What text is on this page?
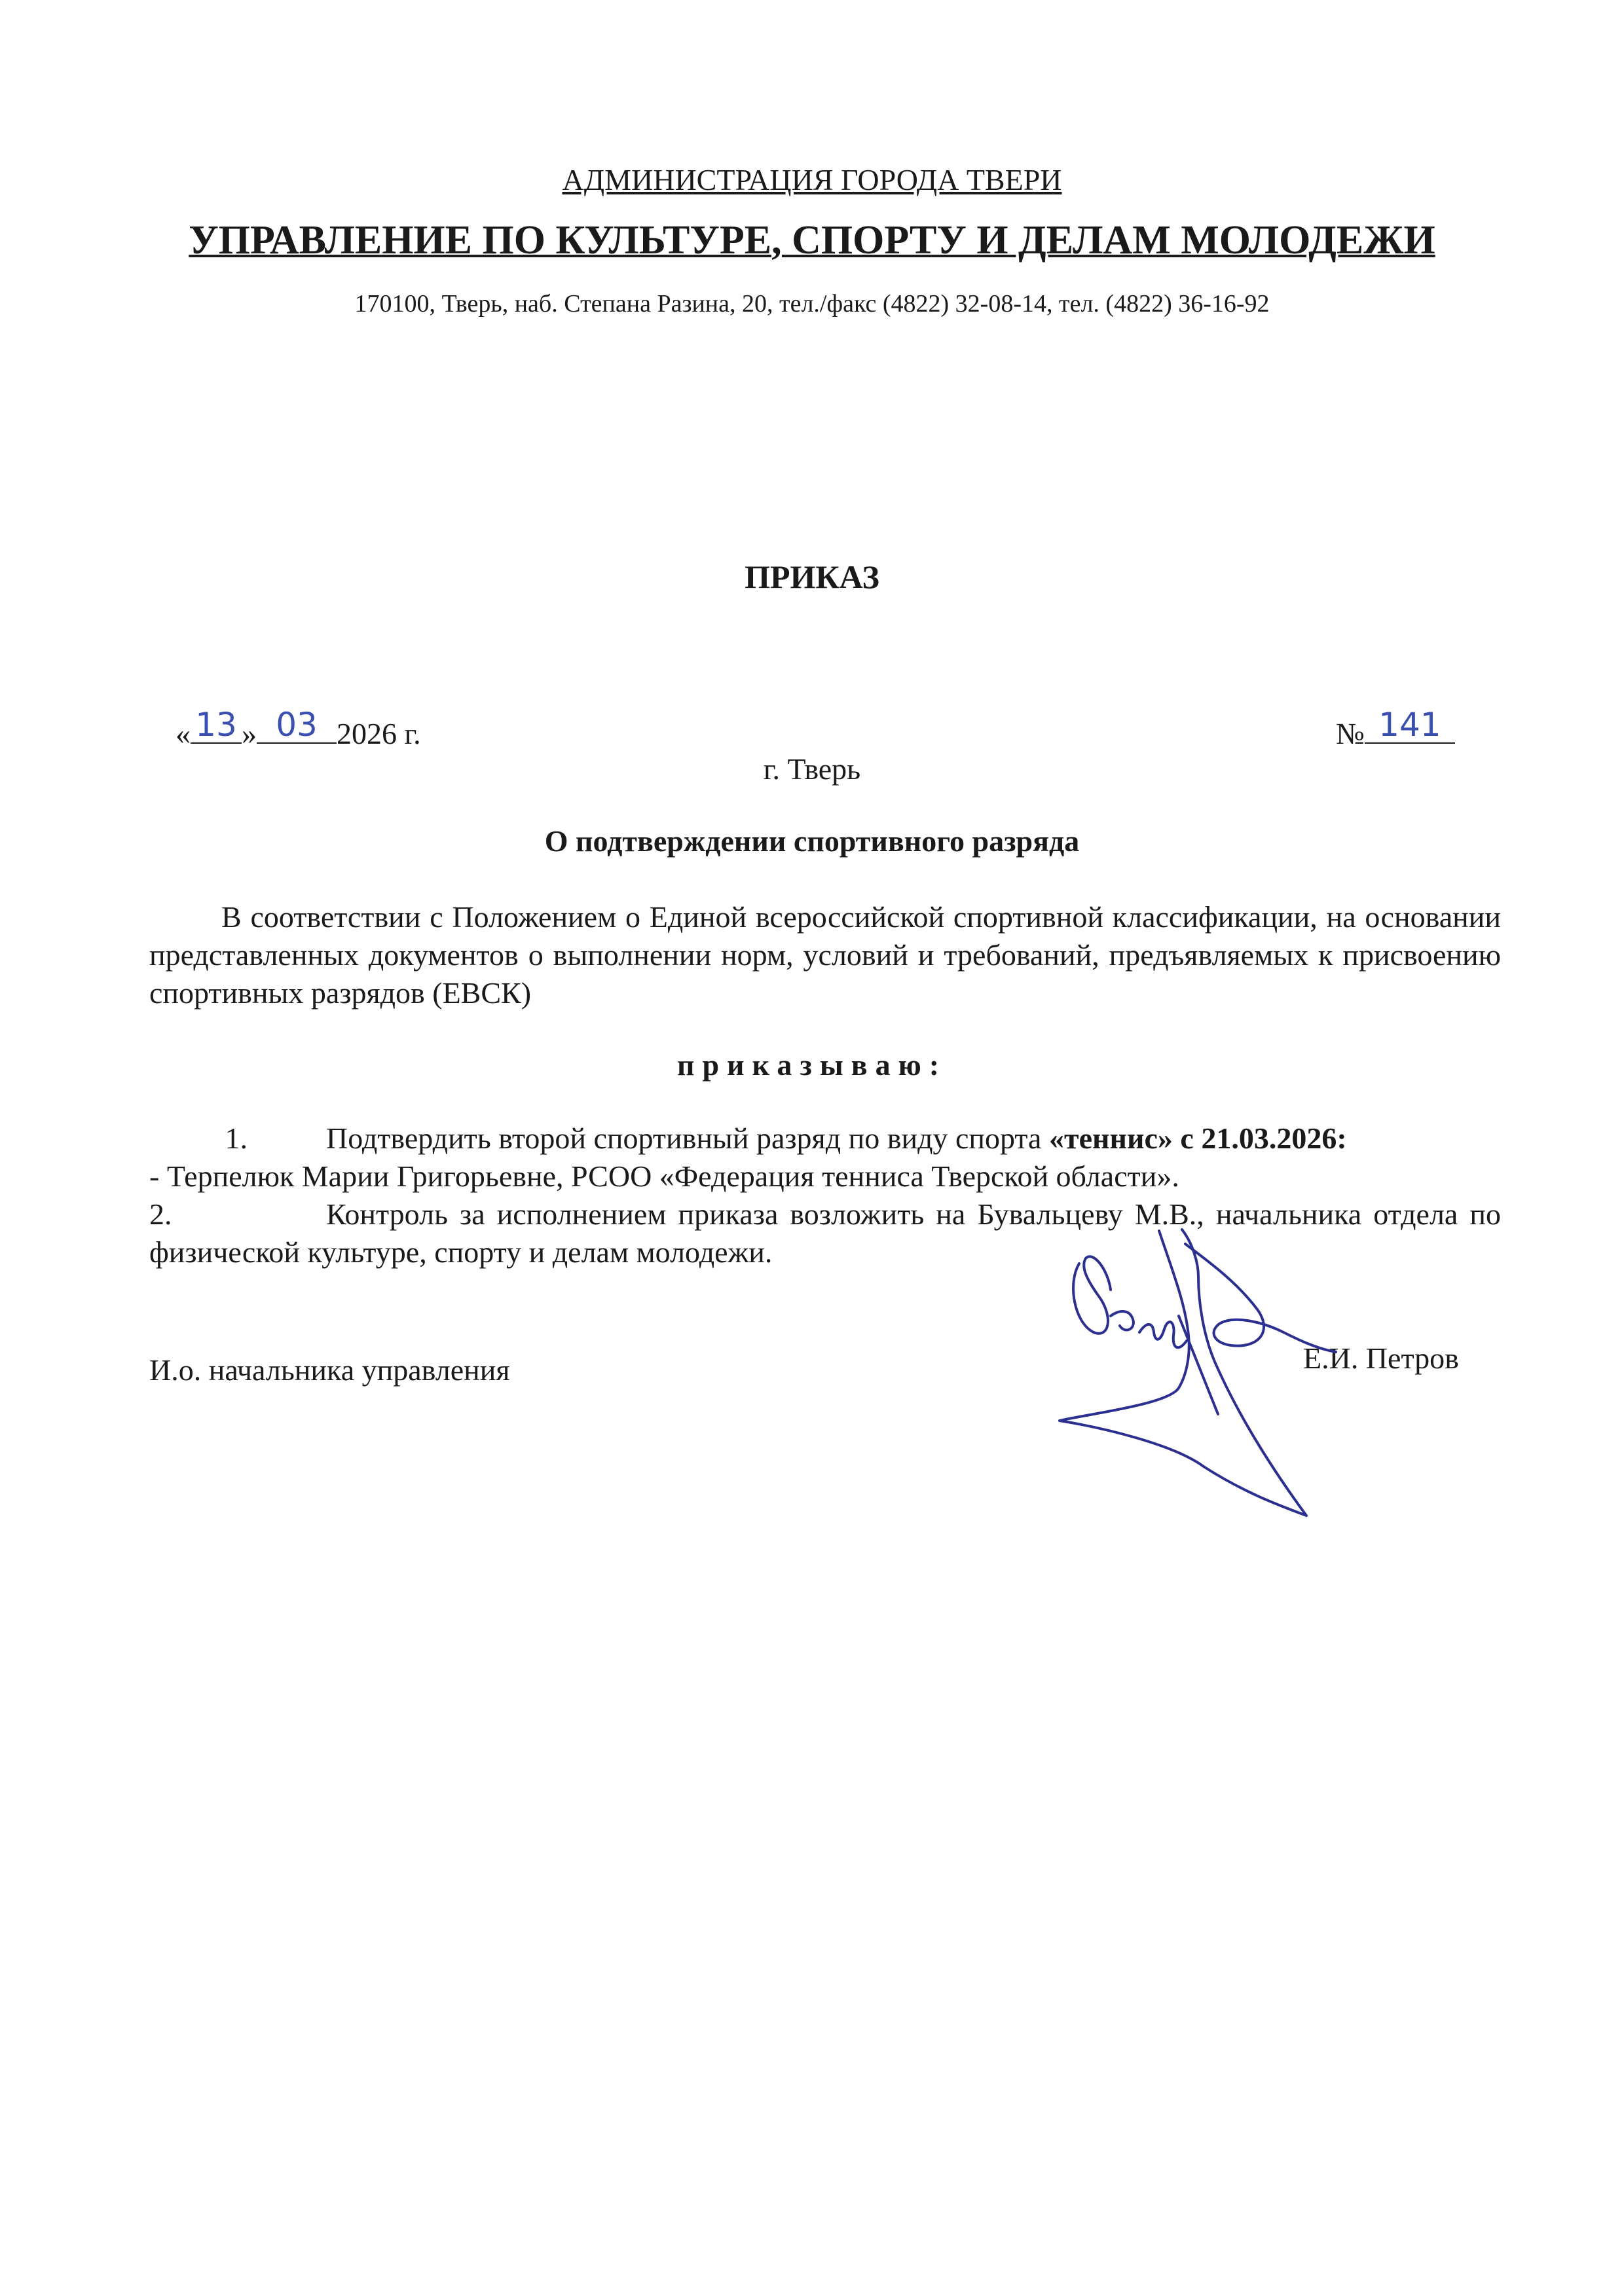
АДМИНИСТРАЦИЯ ГОРОДА ТВЕРИ
УПРАВЛЕНИЕ ПО КУЛЬТУРЕ, СПОРТУ И ДЕЛАМ МОЛОДЕЖИ
170100, Тверь, наб. Степана Разина, 20, тел./факс (4822) 32-08-14, тел. (4822) 36-16-92
ПРИКАЗ
« 13 » 03 2026 г.	№ 141
г. Тверь
О подтверждении спортивного разряда
В соответствии с Положением о Единой всероссийской спортивной классификации, на основании представленных документов о выполнении норм, условий и требований, предъявляемых к присвоению спортивных разрядов (ЕВСК)
приказываю:
1.	Подтвердить второй спортивный разряд по виду спорта «теннис» с 21.03.2026:
- Терпелюк Марии Григорьевне, РСОО «Федерация тенниса Тверской области».
2.	Контроль за исполнением приказа возложить на Бувальцеву М.В., начальника отдела по физической культуре, спорту и делам молодежи.
И.о. начальника управления	Е.И. Петров
